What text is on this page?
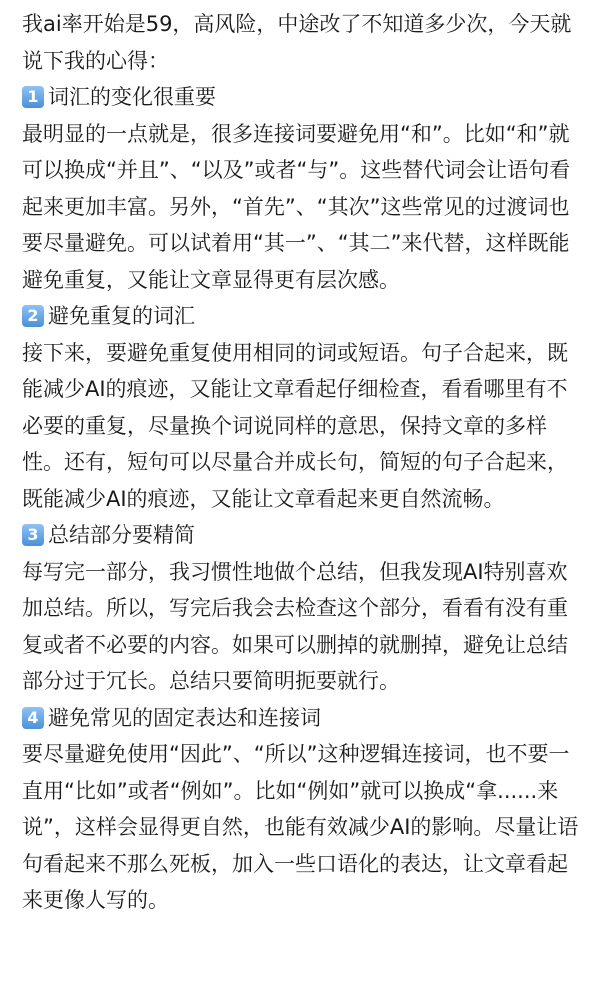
我ai率开始是59，高风险，中途改了不知道多少次，今天就说下我的心得：

1 词汇的变化很重要

最明显的一点就是，很多连接词要避免用“和”。比如“和”就可以换成“并且”、“以及”或者“与”。这些替代词会让语句看起来更加丰富。另外，“首先”、“其次”这些常见的过渡词也要尽量避免。可以试着用“其一”、“其二”来代替，这样既能避免重复，又能让文章显得更有层次感。

2 避免重复的词汇

接下来，要避免重复使用相同的词或短语。句子合起来，既能减少AI的痕迹，又能让文章看起仔细检查，看看哪里有不必要的重复，尽量换个词说同样的意思，保持文章的多样性。还有，短句可以尽量合并成长句，简短的句子合起来，既能减少AI的痕迹，又能让文章看起来更自然流畅。

3 总结部分要精简

每写完一部分，我习惯性地做个总结，但我发现AI特别喜欢加总结。所以，写完后我会去检查这个部分，看看有没有重复或者不必要的内容。如果可以删掉的就删掉，避免让总结部分过于冗长。总结只要简明扼要就行。

4 避免常见的固定表达和连接词

要尽量避免使用“因此”、“所以”这种逻辑连接词，也不要一直用“比如”或者“例如”。比如“例如”就可以换成“拿......来说”，这样会显得更自然，也能有效减少AI的影响。尽量让语句看起来不那么死板，加入一些口语化的表达，让文章看起来更像人写的。
